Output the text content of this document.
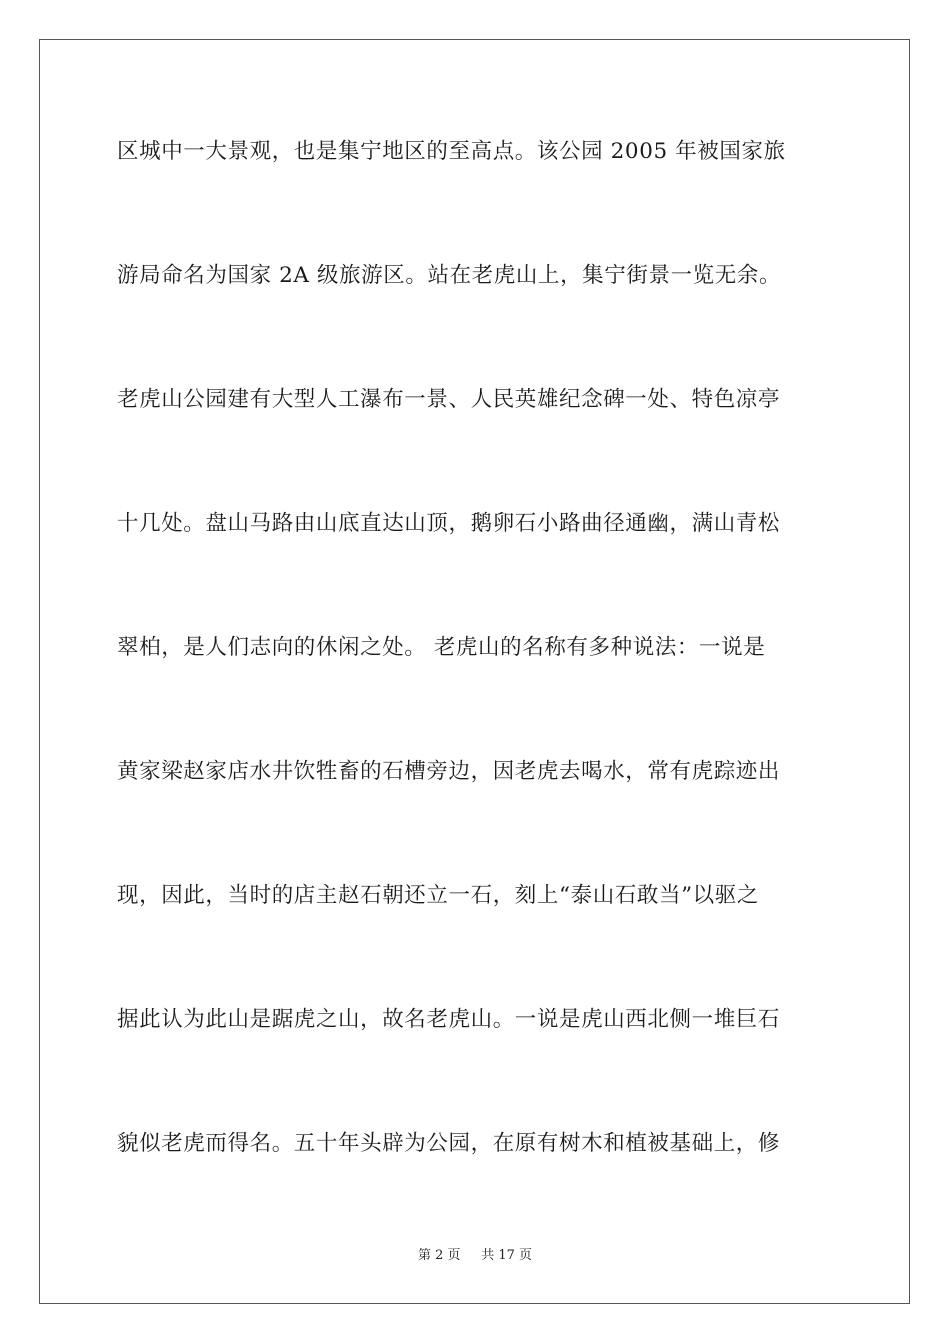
区城中一大景观，也是集宁地区的至高点。该公园 2005 年被国家旅
游局命名为国家 2A 级旅游区。站在老虎山上，集宁街景一览无余。
老虎山公园建有大型人工瀑布一景、人民英雄纪念碑一处、特色凉亭
十几处。盘山马路由山底直达山顶，鹅卵石小路曲径通幽，满山青松
翠柏，是人们志向的休闲之处。 老虎山的名称有多种说法：一说是
黄家梁赵家店水井饮牲畜的石槽旁边，因老虎去喝水，常有虎踪迹出
现，因此，当时的店主赵石朝还立一石，刻上“泰山石敢当”以驱之
据此认为此山是踞虎之山，故名老虎山。一说是虎山西北侧一堆巨石
貌似老虎而得名。五十年头辟为公园，在原有树木和植被基础上，修
第 2 页 共 17 页
